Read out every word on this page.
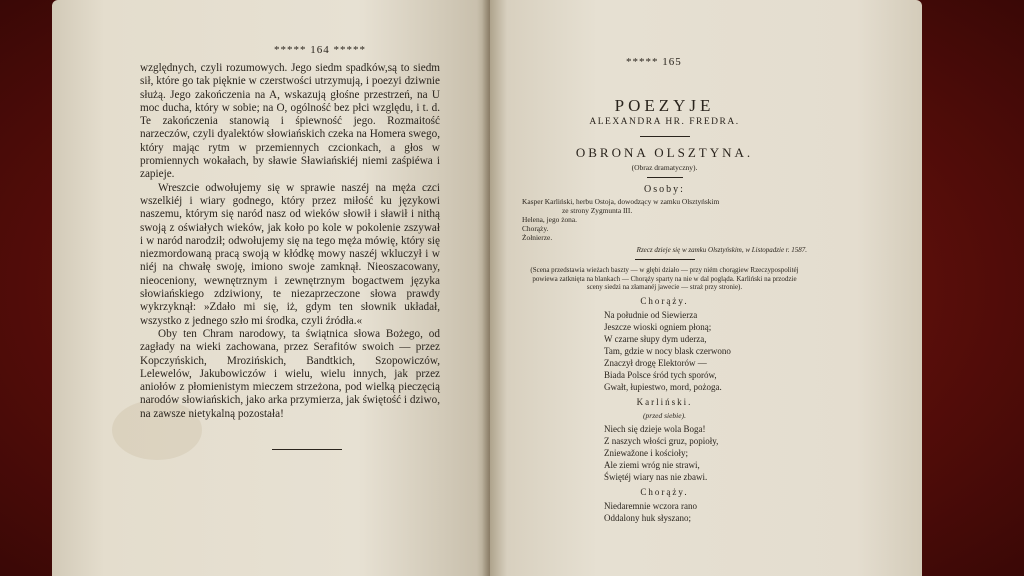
***** 164 *****

względnych, czyli rozumowych. Jego siedm spadków,są to siedm sił, które go tak pięknie w czerstwości utrzymują, i poezyi dziwnie służą. Jego zakończenia na A, wskazują głośne przestrzeń, na U moc ducha, który w sobie; na O, ogólność bez płci względu, i t. d. Te zakończenia stanowią i śpiewność jego. Rozmaitość narzeczów, czyli dyalektów słowiańskich czeka na Homera swego, który mając rytm w przemiennych czcionkach, a głos w promiennych wokałach, by sławie Sławiańskiéj niemi zaśpiéwa i zapieje.

Wreszcie odwołujemy się w sprawie naszéj na męża czci wszelkiéj i wiary godnego, który przez miłość ku językowi naszemu, którym się naród nasz od wieków słowił i sławił i nithą swoją z oświałych wieków, jak koło po kole w pokolenie zszywał i w naród narodził; odwołujemy się na tego męża mówię, który się niezmordowaną pracą swoją w kłódkę mowy naszéj wkluczył i w niéj na chwałę swoję, imiono swoje zamknął. Nieoszacowany, nieoceniony, wewnętrznym i zewnętrznym bogactwem języka słowiańskiego zdziwiony, te niezaprzeczone słowa prawdy wykrzyknął: »Zdało mi się, iż, gdym ten słownik układał, wszystko z jednego szło mi środka, czyli źródła.«

Oby ten Chram narodowy, ta świątnica słowa Bożego, od zagłady na wieki zachowana, przez Serafitów swoich — przez Kopczyńskich, Mrozińskich, Bandtkich, Szopowiczów, Lelewelów, Jakubowiczów i wielu, wielu innych, jak przez aniołów z płomienistym mieczem strzeżona, pod wielką pieczęcią narodów słowiańskich, jako arka przymierza, jak świętość i dziwo, na zawsze nietykalną pozostała!

***** 165

POEZYJE

ALEXANDRA HR. FREDRA.

OBRONA OLSZTYNA.

(Obraz dramatyczny).

Osoby:

Kasper Karliński, herbu Ostoja, dowodzący w zamku Olsztyńskim
ze strony Zygmunta III.
Helena, jego żona.
Chorąży.
Żołnierze.

Rzecz dzieje się w zamku Olsztyńskim, w Listopadzie r. 1587.

(Scena przedstawia wieżach baszty — w głębi działo — przy niém chorągiew Rzeczypospolitéj powiewa zatknięta na blankach — Chorąży sparty na nie w dal pogląda. Karliński na przodzie sceny siedzi na złamanéj jawecie — straż przy stronie).

Chorąży.

Na południe od Siewierza
Jeszcze wioski ogniem płoną;
W czarne słupy dym uderza,
Tam, gdzie w nocy blask czerwono
Znaczył drogę Elektorów —
Biada Polsce śród tych sporów,
Gwałt, łupiestwo, mord, pożoga.

Karliński.

(przed siebie).

Niech się dzieje wola Boga!
Z naszych włości gruz, popioły,
Zniewažone i kościoły;
Ale ziemi wróg nie strawi,
Świętéj wiary nas nie zbawi.

Chorąży.

Niedaremnie wczora rano
Oddalony huk słyszano;
